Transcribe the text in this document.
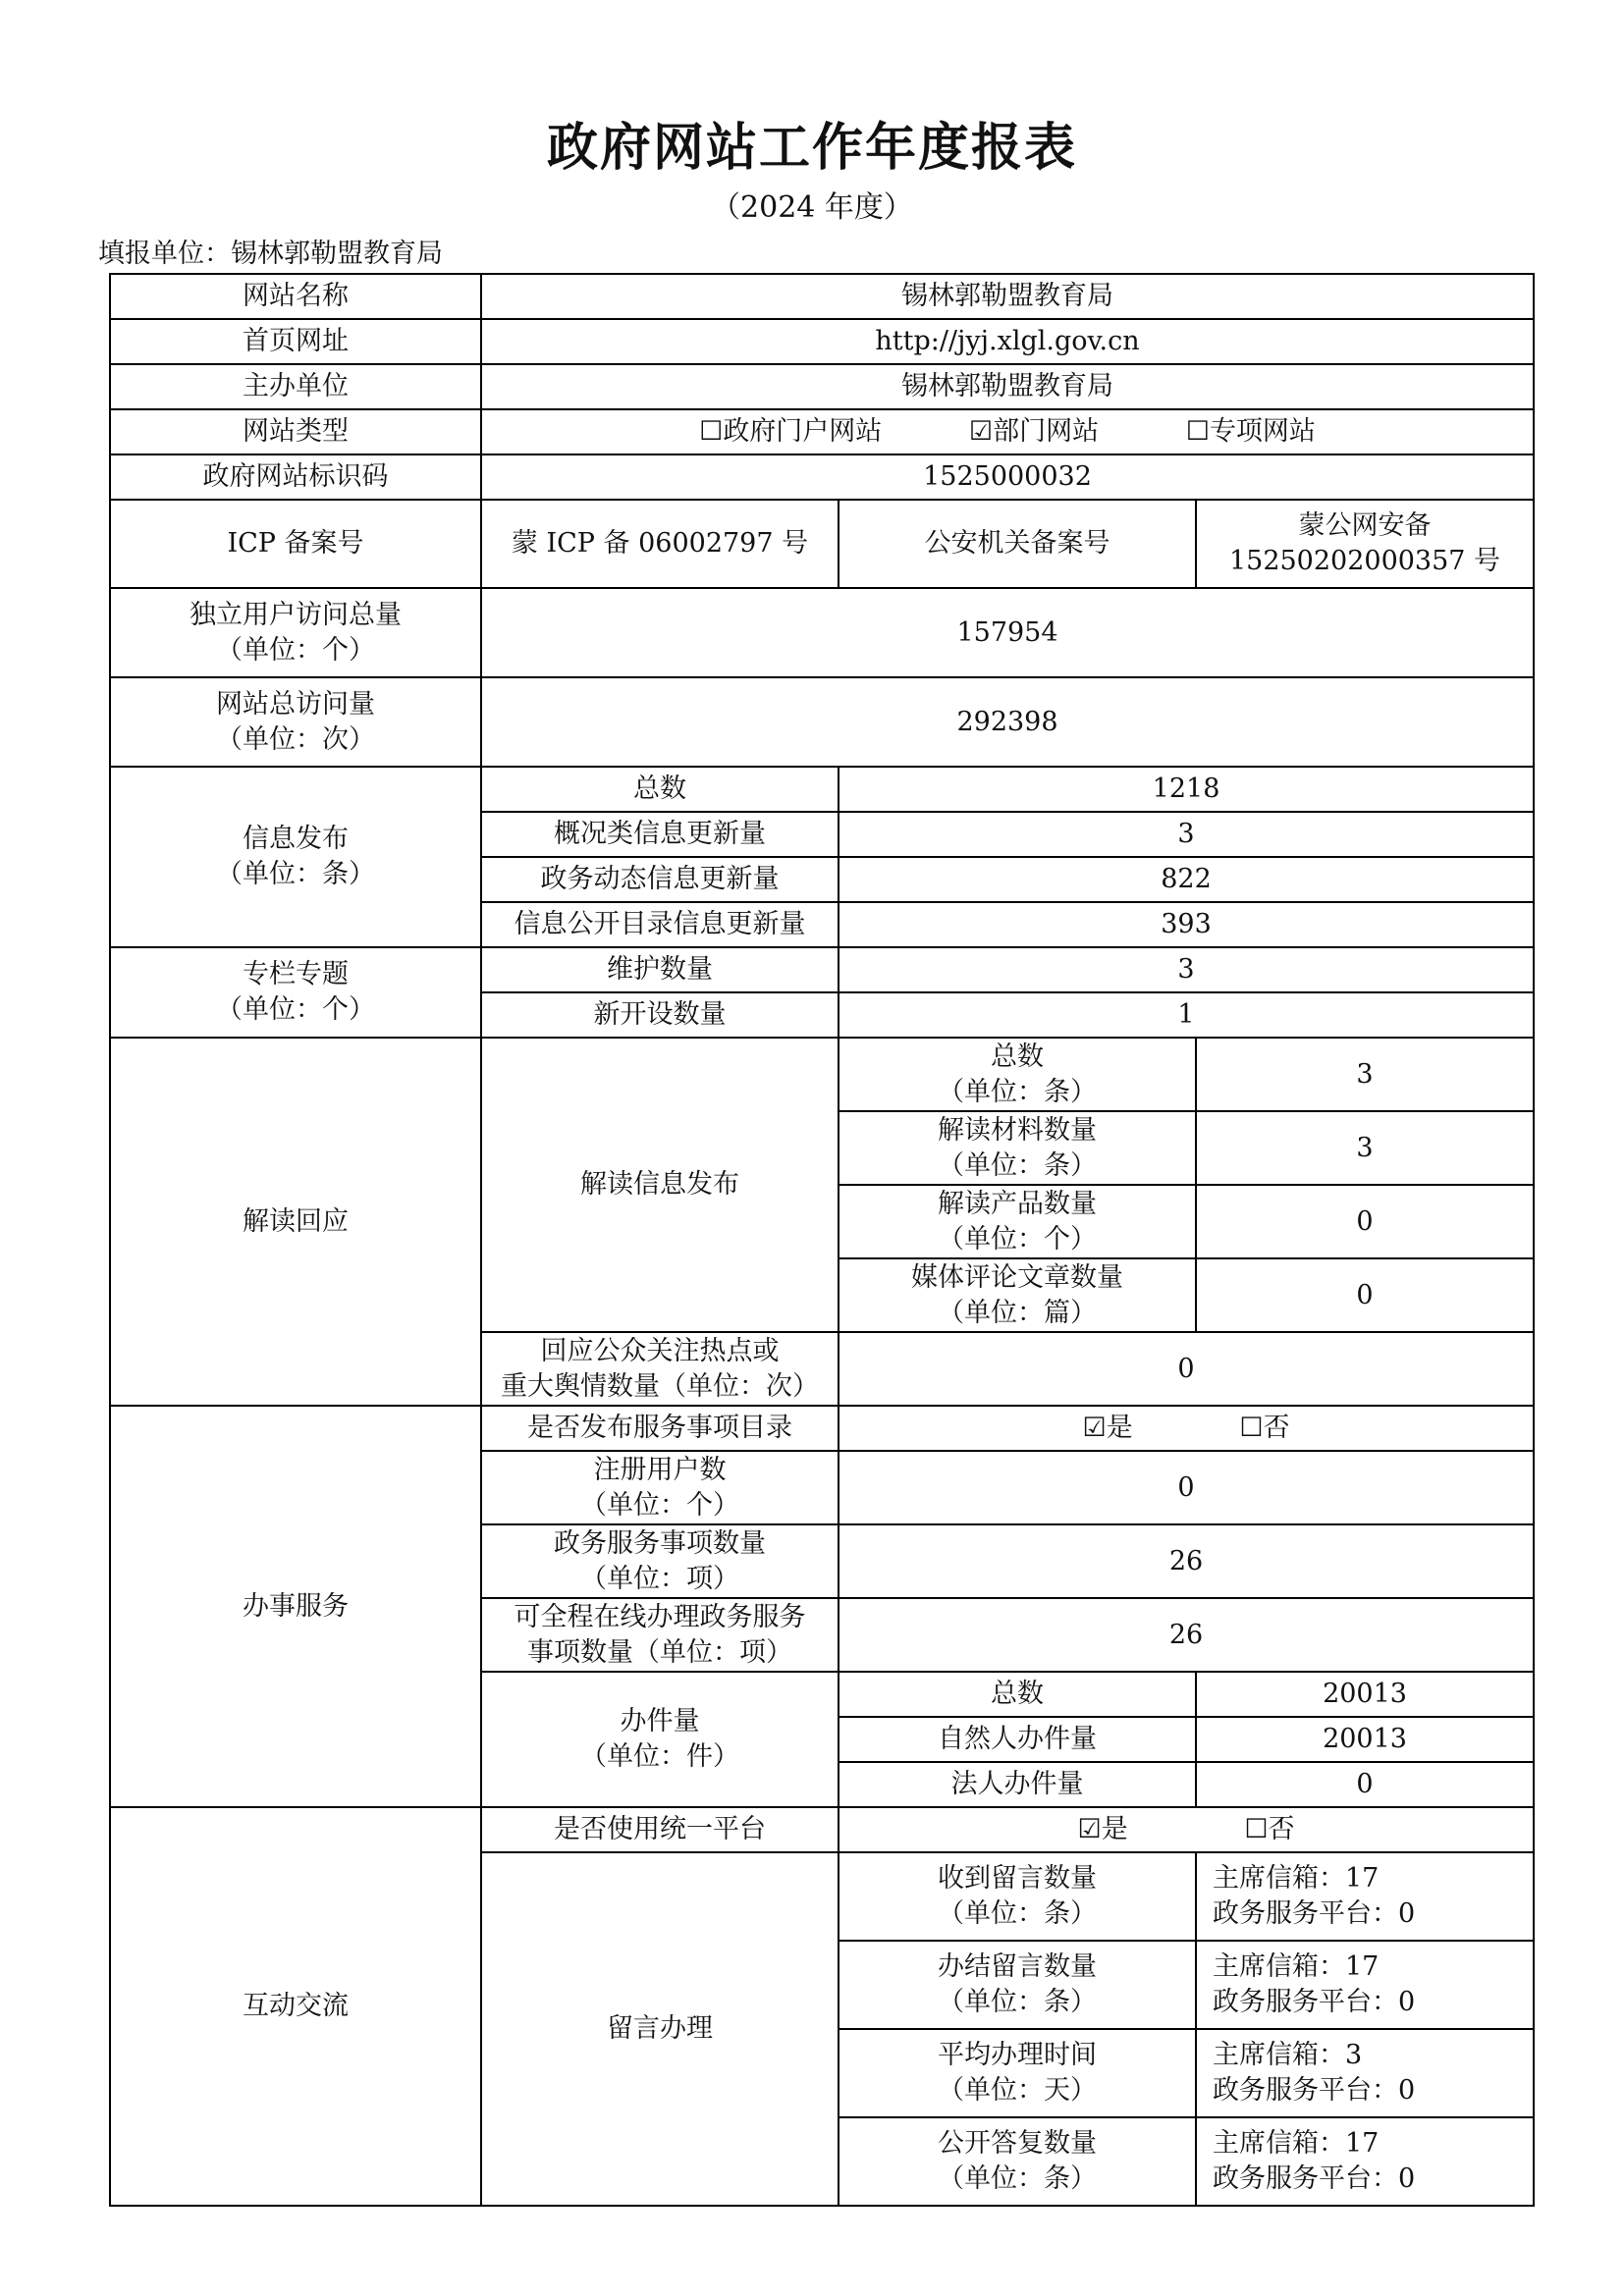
政府网站工作年度报表
（2024 年度）
填报单位：锡林郭勒盟教育局
网站名称	锡林郭勒盟教育局		
首页网址	http://jyj.xlgl.gov.cn		
主办单位	锡林郭勒盟教育局		
网站类型	☐政府门户网站 ☑部门网站 ☐专项网站		
政府网站标识码	1525000032		
ICP 备案号	蒙 ICP 备 06002797 号	公安机关备案号	蒙公网安备
15250202000357 号

独立用户访问总量
（单位：个）	157954		

网站总访问量
（单位：次）	292398		

信息发布
（单位：条）	总数	1218	
	概况类信息更新量	3	
	政务动态信息更新量	822	
	信息公开目录信息更新量	393	

专栏专题
（单位：个）	维护数量	3	
	新开设数量	1	
解读回应	解读信息发布	总数
（单位：条）	3

		解读材料数量
（单位：条）	3

		解读产品数量
（单位：个）	0

		媒体评论文章数量
（单位：篇）	0

	回应公众关注热点或
重大舆情数量（单位：次）	0	
办事服务	是否发布服务事项目录	☑是 ☐否	

	注册用户数
（单位：个）	0	

	政务服务事项数量
（单位：项）	26	

	可全程在线办理政务服务
事项数量（单位：项）	26	

	办件量
（单位：件）	总数	20013
		自然人办件量	20013
		法人办件量	0
互动交流	是否使用统一平台	☑是 ☐否	
	留言办理	收到留言数量
（单位：条）	主席信箱：17
政务服务平台：0

		办结留言数量
（单位：条）	主席信箱：17
政务服务平台：0

		平均办理时间
（单位：天）	主席信箱：3
政务服务平台：0

		公开答复数量
（单位：条）	主席信箱：17
政务服务平台：0
